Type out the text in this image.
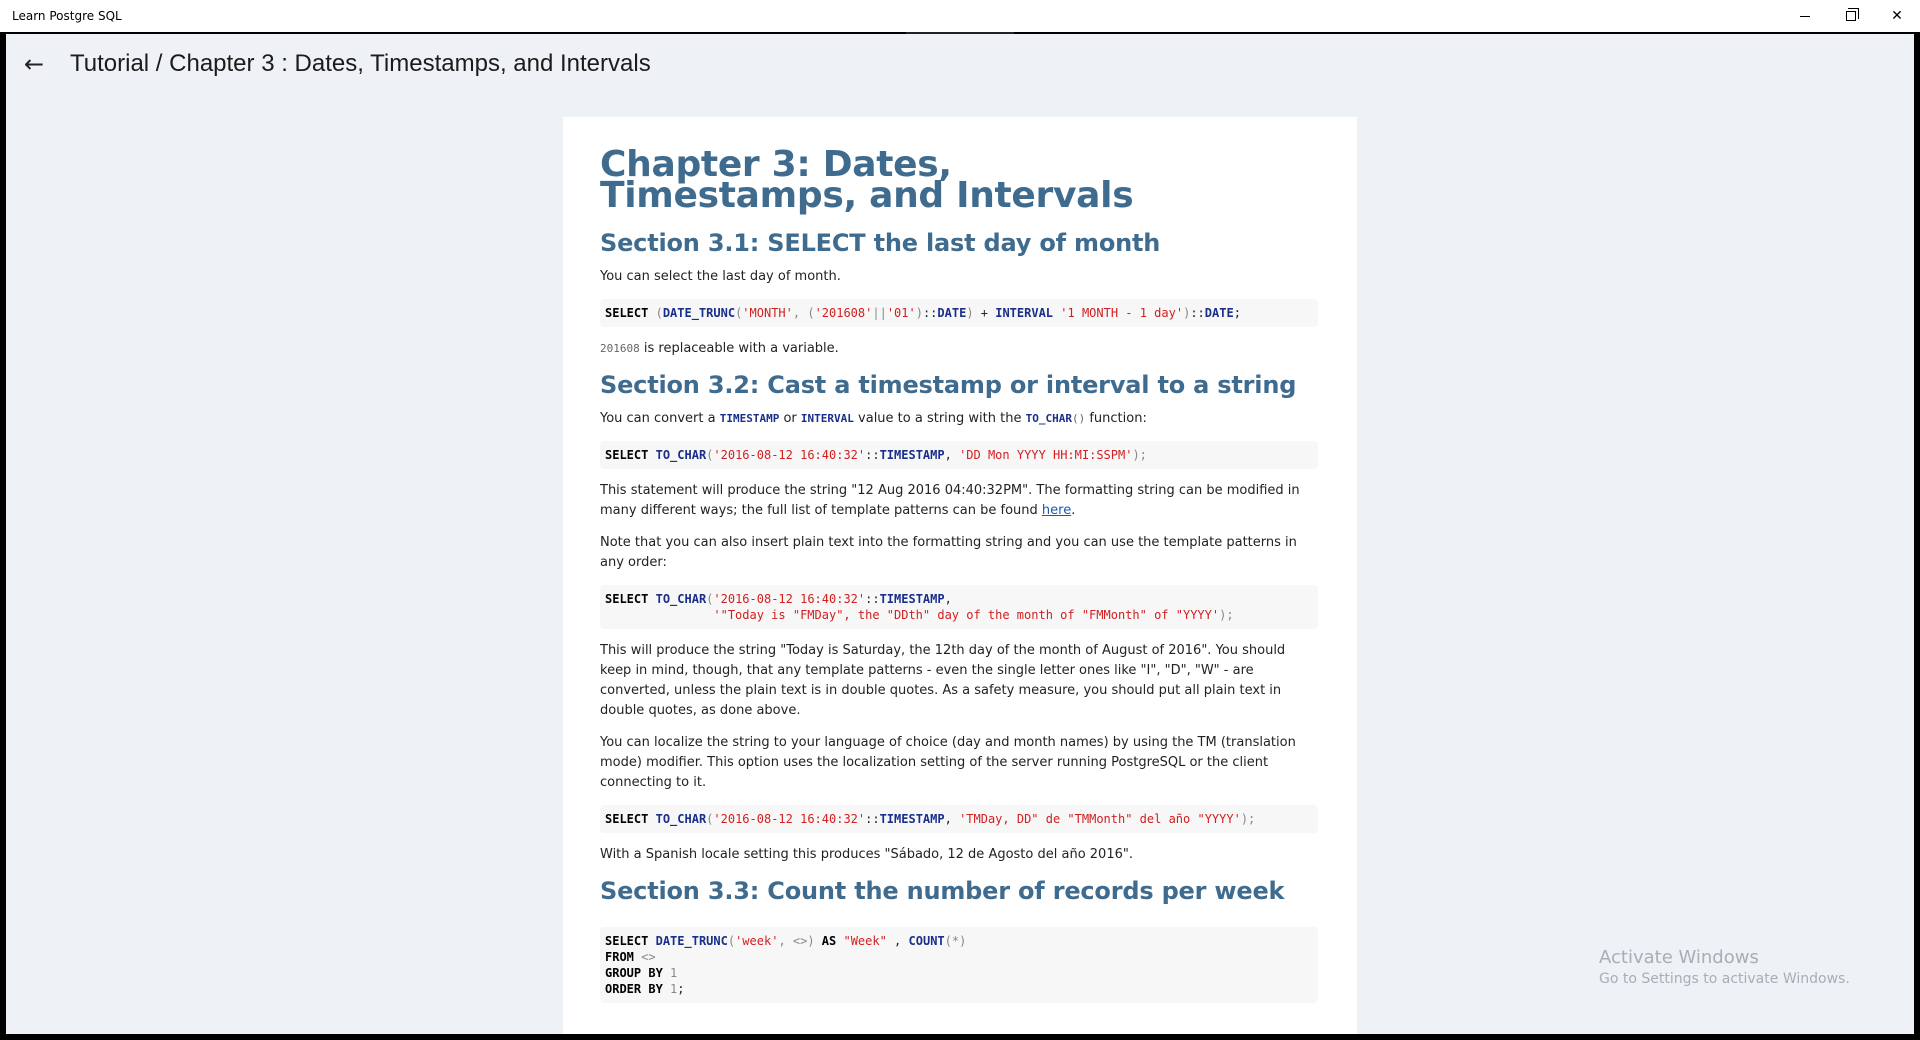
Learn Postgre SQL	✕
← Tutorial / Chapter 3 : Dates, Timestamps, and Intervals
Chapter 3: Dates, Timestamps, and Intervals
Section 3.1: SELECT the last day of month

You can select the last day of month.

SELECT (DATE_TRUNC('MONTH', ('201608'||'01')::DATE) + INTERVAL '1 MONTH - 1 day')::DATE;

201608 is replaceable with a variable.

Section 3.2: Cast a timestamp or interval to a string

You can convert a TIMESTAMP or INTERVAL value to a string with the TO_CHAR() function:

SELECT TO_CHAR('2016-08-12 16:40:32'::TIMESTAMP, 'DD Mon YYYY HH:MI:SSPM');

This statement will produce the string "12 Aug 2016 04:40:32PM". The formatting string can be modified in many different ways; the full list of template patterns can be found here.

Note that you can also insert plain text into the formatting string and you can use the template patterns in any order:

SELECT TO_CHAR('2016-08-12 16:40:32'::TIMESTAMP,
'"Today is "FMDay", the "DDth" day of the month of "FMMonth" of "YYYY');

This will produce the string "Today is Saturday, the 12th day of the month of August of 2016". You should keep in mind, though, that any template patterns - even the single letter ones like "I", "D", "W" - are converted, unless the plain text is in double quotes. As a safety measure, you should put all plain text in double quotes, as done above.

You can localize the string to your language of choice (day and month names) by using the TM (translation mode) modifier. This option uses the localization setting of the server running PostgreSQL or the client connecting to it.

SELECT TO_CHAR('2016-08-12 16:40:32'::TIMESTAMP, 'TMDay, DD" de "TMMonth" del año "YYYY');

With a Spanish locale setting this produces "Sábado, 12 de Agosto del año 2016".

Section 3.3: Count the number of records per week
SELECT DATE_TRUNC('week', <>) AS "Week" , COUNT(*)
FROM <>
GROUP BY 1
ORDER BY 1;
Activate Windows
Go to Settings to activate Windows.
